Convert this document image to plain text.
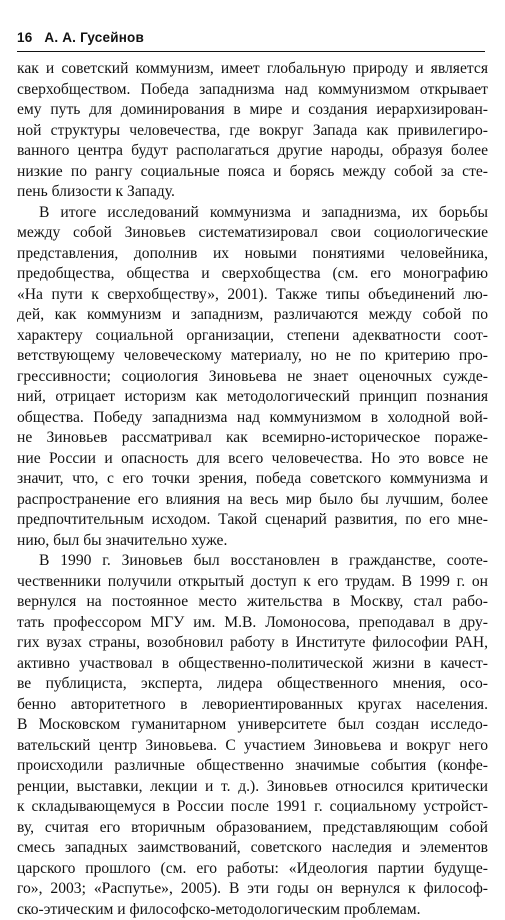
16 А. А. Гусейнов
как и советский коммунизм, имеет глобальную природу и является
сверхобществом. Победа западнизма над коммунизмом открывает
ему путь для доминирования в мире и создания иерархизирован-
ной структуры человечества, где вокруг Запада как привилегиро-
ванного центра будут располагаться другие народы, образуя более
низкие по рангу социальные пояса и борясь между собой за сте-
пень близости к Западу.
В итоге исследований коммунизма и западнизма, их борьбы
между собой Зиновьев систематизировал свои социологические
представления, дополнив их новыми понятиями человейника,
предобщества, общества и сверхобщества (см. его монографию
«На пути к сверхобществу», 2001). Также типы объединений лю-
дей, как коммунизм и западнизм, различаются между собой по
характеру социальной организации, степени адекватности сoот-
ветствующему человеческому материалу, но не по критерию про-
грессивности; социология Зиновьева не знает оценочных сужде-
ний, отрицает историзм как методологический принцип познания
общества. Победу западнизма над коммунизмом в холодной вой-
не Зиновьев рассматривал как всемирно-историческое пораже-
ние России и опасность для всего человечества. Но это вовсе не
значит, что, с его точки зрения, победа советского коммунизма и
распространение его влияния на весь мир было бы лучшим, более
предпочтительным исходом. Такой сценарий развития, по его мне-
нию, был бы значительно хуже.
В 1990 г. Зиновьев был восстановлен в гражданстве, соотe-
чественники получили открытый доступ к его трудам. В 1999 г. он
вернулся на постоянное место жительства в Москву, стал рабо-
тать профессором МГУ им. М.В. Ломоносова, преподавал в дру-
гих вузах страны, возобновил работу в Институте философии РАН,
активно участвовал в общественно-политической жизни в качест-
ве публициста, эксперта, лидера общественного мнения, осо-
бенно авторитетного в левориентированных кругах населения.
В Московском гуманитарном университете был создан исследо-
вательский центр Зиновьева. С участием Зиновьева и вокруг него
происходили различные общественно значимые события (конфе-
ренции, выставки, лекции и т. д.). Зиновьев относился критически
к складывающемуся в России после 1991 г. социальному устройст-
ву, считая его вторичным образованием, представляющим собой
смесь западных заимствований, советского наследия и элементов
царского прошлого (см. его работы: «Идеология партии будуще-
го», 2003; «Распутье», 2005). В эти годы он вернулся к философ-
ско-этическим и философско-методологическим проблемам.
